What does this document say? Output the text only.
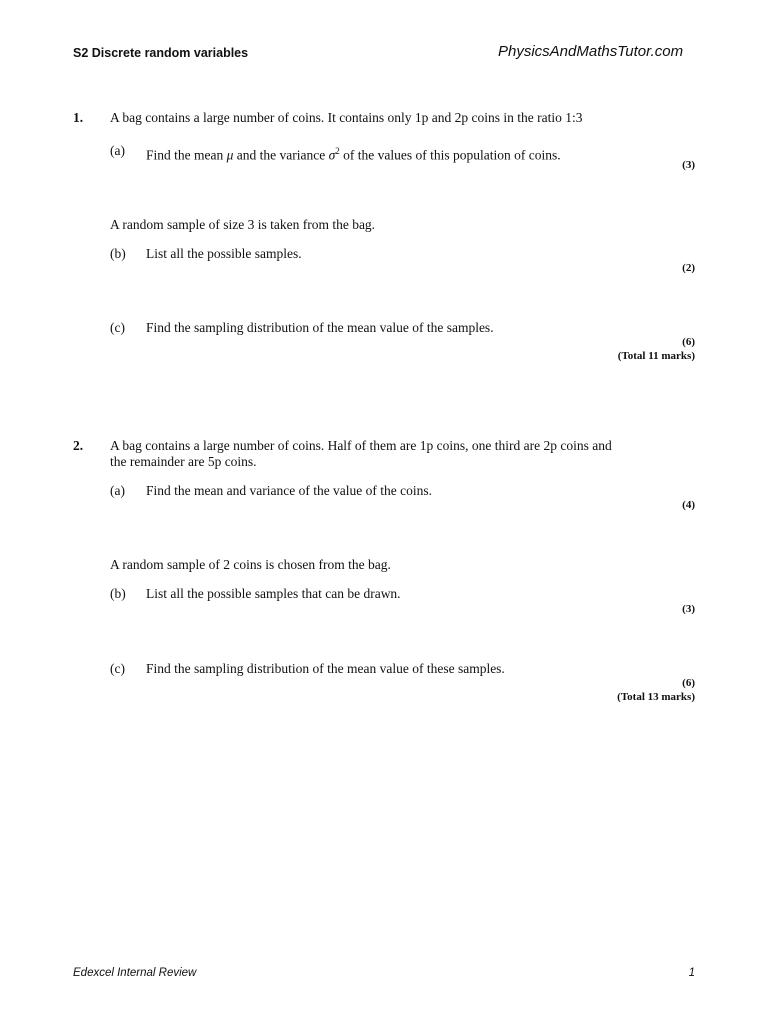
S2 Discrete random variables	PhysicsAndMathsTutor.com
1. A bag contains a large number of coins. It contains only 1p and 2p coins in the ratio 1:3
(a) Find the mean μ and the variance $\sigma^2$ of the values of this population of coins.
(3)
A random sample of size 3 is taken from the bag.
(b) List all the possible samples.
(2)
(c) Find the sampling distribution of the mean value of the samples.
(6)
(Total 11 marks)
2. A bag contains a large number of coins. Half of them are 1p coins, one third are 2p coins and
the remainder are 5p coins.
(a) Find the mean and variance of the value of the coins.
(4)
A random sample of 2 coins is chosen from the bag.
(b) List all the possible samples that can be drawn.
(3)
(c) Find the sampling distribution of the mean value of these samples.
(6)
(Total 13 marks)
Edexcel Internal Review	1
